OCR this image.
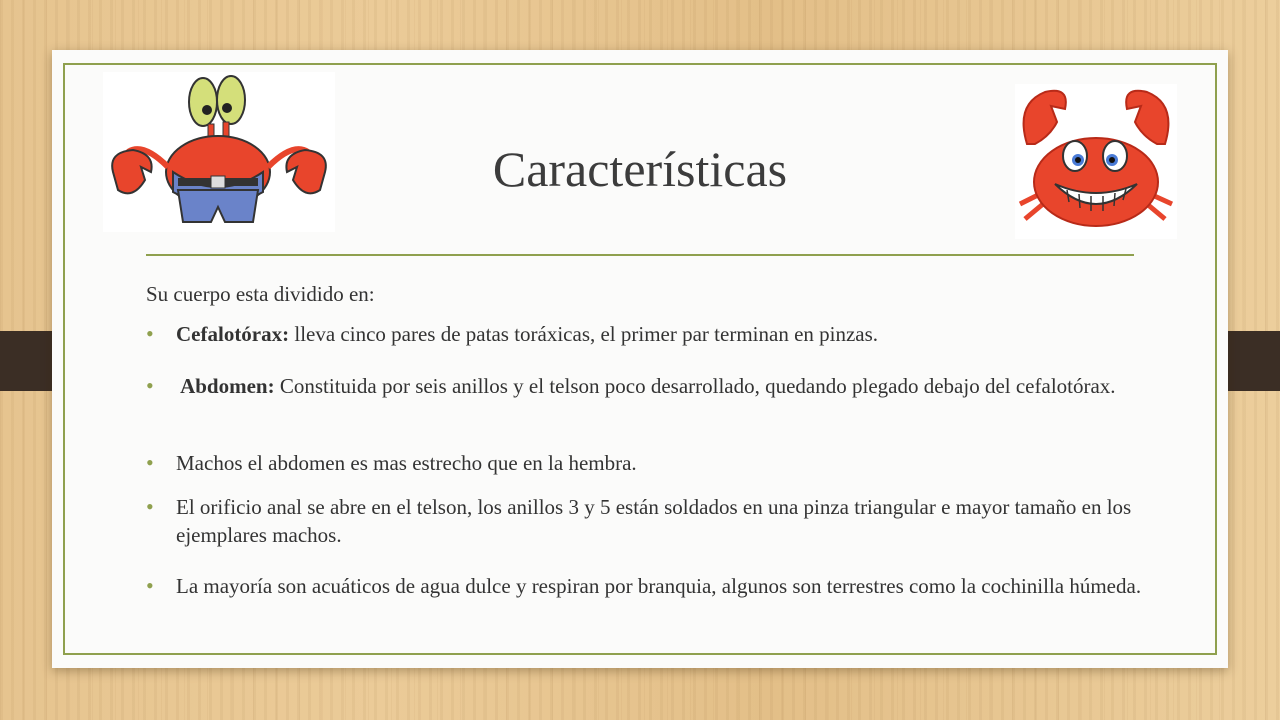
Características

Su cuerpo esta dividido en:

• Cefalotórax: lleva cinco pares de patas toráxicas, el primer par terminan en pinzas.
• Abdomen: Constituida por seis anillos y el telson poco desarrollado, quedando plegado debajo del cefalotórax.
• Machos el abdomen es mas estrecho que en la hembra.
• El orificio anal se abre en el telson, los anillos 3 y 5 están soldados en una pinza triangular e mayor tamaño en los ejemplares machos.
• La mayoría son acuáticos de agua dulce y respiran por branquia, algunos son terrestres como la cochinilla húmeda.
